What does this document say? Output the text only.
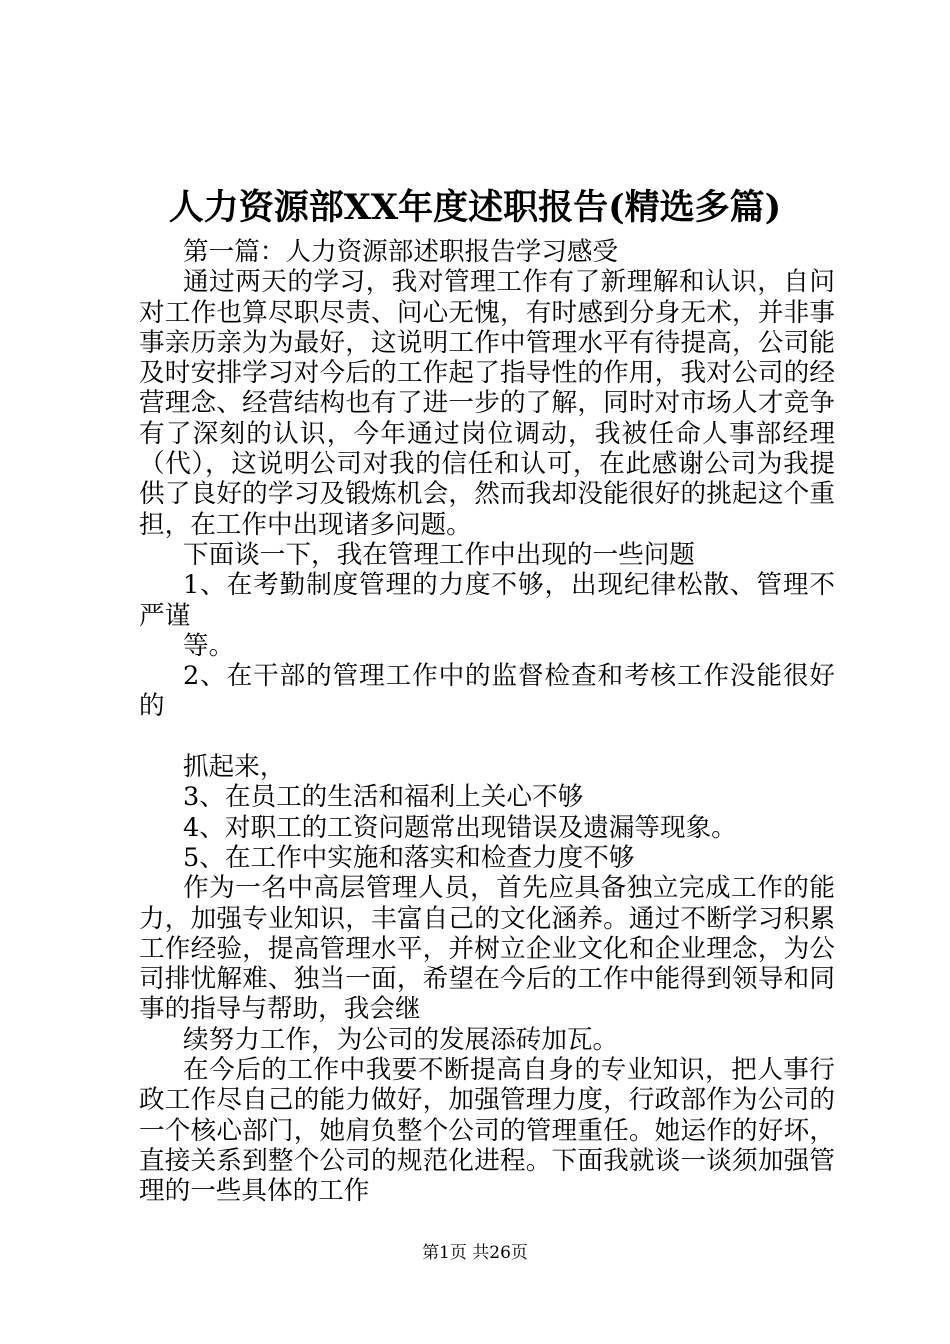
人力资源部XX年度述职报告(精选多篇)

第一篇：人力资源部述职报告学习感受

通过两天的学习，我对管理工作有了新理解和认识，自问对工作也算尽职尽责、问心无愧，有时感到分身无术，并非事事亲历亲为为最好，这说明工作中管理水平有待提高，公司能及时安排学习对今后的工作起了指导性的作用，我对公司的经营理念、经营结构也有了进一步的了解，同时对市场人才竞争有了深刻的认识，今年通过岗位调动，我被任命人事部经理（代），这说明公司对我的信任和认可，在此感谢公司为我提供了良好的学习及锻炼机会，然而我却没能很好的挑起这个重担，在工作中出现诸多问题。

下面谈一下，我在管理工作中出现的一些问题

1、在考勤制度管理的力度不够，出现纪律松散、管理不严谨

等。

2、在干部的管理工作中的监督检查和考核工作没能很好的

抓起来，

3、在员工的生活和福利上关心不够

4、对职工的工资问题常出现错误及遗漏等现象。

5、在工作中实施和落实和检查力度不够

作为一名中高层管理人员，首先应具备独立完成工作的能力，加强专业知识，丰富自己的文化涵养。通过不断学习积累工作经验，提高管理水平，并树立企业文化和企业理念，为公司排忧解难、独当一面，希望在今后的工作中能得到领导和同事的指导与帮助，我会继

续努力工作，为公司的发展添砖加瓦。

在今后的工作中我要不断提高自身的专业知识，把人事行政工作尽自己的能力做好，加强管理力度，行政部作为公司的一个核心部门，她肩负整个公司的管理重任。她运作的好坏，直接关系到整个公司的规范化进程。下面我就谈一谈须加强管理的一些具体的工作

第1页 共26页
